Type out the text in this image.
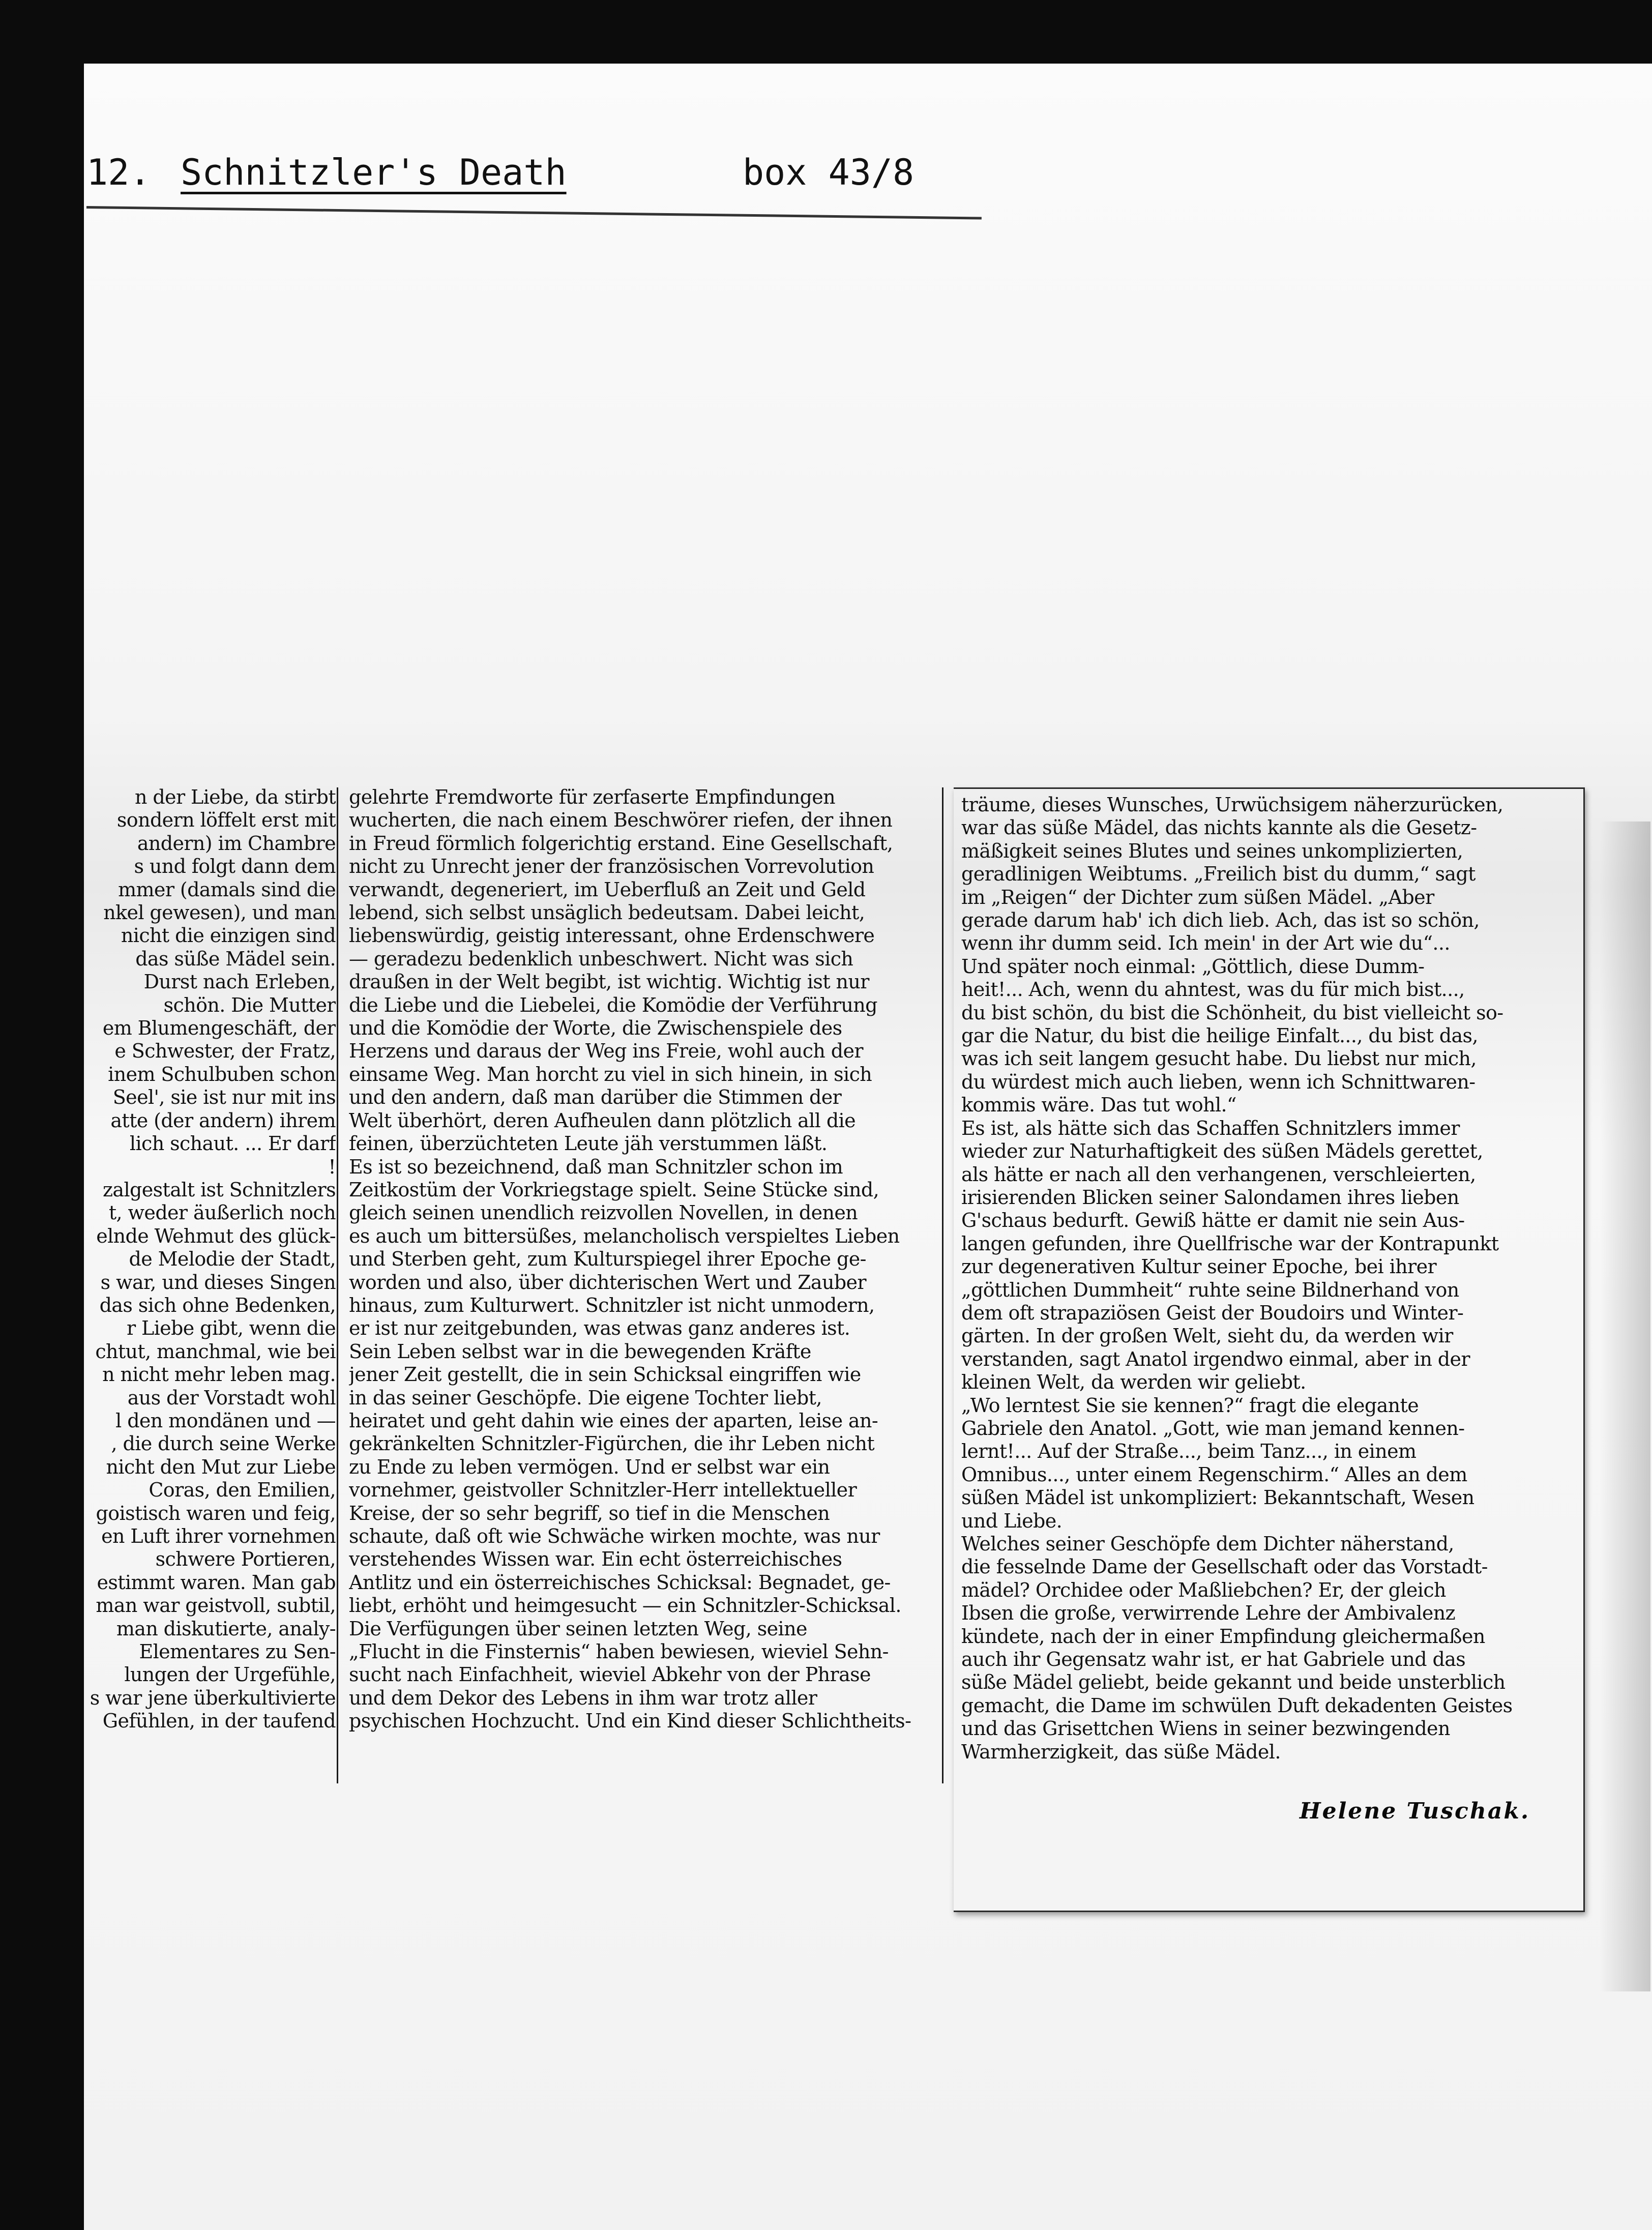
12. Schnitzler's Death	box 43/8
n der Liebe, da stirbt
sondern löffelt erst mit
andern) im Chambre
s und folgt dann dem
mmer (damals sind die
nkel gewesen), und man
nicht die einzigen sind
das süße Mädel sein.
Durst nach Erleben,
schön. Die Mutter
em Blumengeschäft, der
e Schwester, der Fratz,
inem Schulbuben schon
Seel', sie ist nur mit ins
atte (der andern) ihrem
lich schaut. ... Er darf
!
zalgestalt ist Schnitzlers
t, weder äußerlich noch
elnde Wehmut des glück-
de Melodie der Stadt,
s war, und dieses Singen
das sich ohne Bedenken,
r Liebe gibt, wenn die
chtut, manchmal, wie bei
n nicht mehr leben mag.
aus der Vorstadt wohl
l den mondänen und —
, die durch seine Werke
nicht den Mut zur Liebe
Coras, den Emilien,
goistisch waren und feig,
en Luft ihrer vornehmen
schwere Portieren,
estimmt waren. Man gab
man war geistvoll, subtil,
man diskutierte, analy-
Elementares zu Sen-
lungen der Urgefühle,
s war jene überkultivierte
Gefühlen, in der taufend
gelehrte Fremdworte für zerfaserte Empfindungen
wucherten, die nach einem Beschwörer riefen, der ihnen
in Freud förmlich folgerichtig erstand. Eine Gesellschaft,
nicht zu Unrecht jener der französischen Vorrevolution
verwandt, degeneriert, im Ueberfluß an Zeit und Geld
lebend, sich selbst unsäglich bedeutsam. Dabei leicht,
liebenswürdig, geistig interessant, ohne Erdenschwere
— geradezu bedenklich unbeschwert. Nicht was sich
draußen in der Welt begibt, ist wichtig. Wichtig ist nur
die Liebe und die Liebelei, die Komödie der Verführung
und die Komödie der Worte, die Zwischenspiele des
Herzens und daraus der Weg ins Freie, wohl auch der
einsame Weg. Man horcht zu viel in sich hinein, in sich
und den andern, daß man darüber die Stimmen der
Welt überhört, deren Aufheulen dann plötzlich all die
feinen, überzüchteten Leute jäh verstummen läßt.
Es ist so bezeichnend, daß man Schnitzler schon im
Zeitkostüm der Vorkriegstage spielt. Seine Stücke sind,
gleich seinen unendlich reizvollen Novellen, in denen
es auch um bittersüßes, melancholisch verspieltes Lieben
und Sterben geht, zum Kulturspiegel ihrer Epoche ge-
worden und also, über dichterischen Wert und Zauber
hinaus, zum Kulturwert. Schnitzler ist nicht unmodern,
er ist nur zeitgebunden, was etwas ganz anderes ist.
Sein Leben selbst war in die bewegenden Kräfte
jener Zeit gestellt, die in sein Schicksal eingriffen wie
in das seiner Geschöpfe. Die eigene Tochter liebt,
heiratet und geht dahin wie eines der aparten, leise an-
gekränkelten Schnitzler-Figürchen, die ihr Leben nicht
zu Ende zu leben vermögen. Und er selbst war ein
vornehmer, geistvoller Schnitzler-Herr intellektueller
Kreise, der so sehr begriff, so tief in die Menschen
schaute, daß oft wie Schwäche wirken mochte, was nur
verstehendes Wissen war. Ein echt österreichisches
Antlitz und ein österreichisches Schicksal: Begnadet, ge-
liebt, erhöht und heimgesucht — ein Schnitzler-Schicksal.
Die Verfügungen über seinen letzten Weg, seine
„Flucht in die Finsternis“ haben bewiesen, wieviel Sehn-
sucht nach Einfachheit, wieviel Abkehr von der Phrase
und dem Dekor des Lebens in ihm war trotz aller
psychischen Hochzucht. Und ein Kind dieser Schlichtheits-
träume, dieses Wunsches, Urwüchsigem näherzurücken,
war das süße Mädel, das nichts kannte als die Gesetz-
mäßigkeit seines Blutes und seines unkomplizierten,
geradlinigen Weibtums. „Freilich bist du dumm,“ sagt
im „Reigen“ der Dichter zum süßen Mädel. „Aber
gerade darum hab' ich dich lieb. Ach, das ist so schön,
wenn ihr dumm seid. Ich mein' in der Art wie du“...
Und später noch einmal: „Göttlich, diese Dumm-
heit!... Ach, wenn du ahntest, was du für mich bist...,
du bist schön, du bist die Schönheit, du bist vielleicht so-
gar die Natur, du bist die heilige Einfalt..., du bist das,
was ich seit langem gesucht habe. Du liebst nur mich,
du würdest mich auch lieben, wenn ich Schnittwaren-
kommis wäre. Das tut wohl.“
Es ist, als hätte sich das Schaffen Schnitzlers immer
wieder zur Naturhaftigkeit des süßen Mädels gerettet,
als hätte er nach all den verhangenen, verschleierten,
irisierenden Blicken seiner Salondamen ihres lieben
G'schaus bedurft. Gewiß hätte er damit nie sein Aus-
langen gefunden, ihre Quellfrische war der Kontrapunkt
zur degenerativen Kultur seiner Epoche, bei ihrer
„göttlichen Dummheit“ ruhte seine Bildnerhand von
dem oft strapaziösen Geist der Boudoirs und Winter-
gärten. In der großen Welt, sieht du, da werden wir
verstanden, sagt Anatol irgendwo einmal, aber in der
kleinen Welt, da werden wir geliebt.
„Wo lerntest Sie sie kennen?“ fragt die elegante
Gabriele den Anatol. „Gott, wie man jemand kennen-
lernt!... Auf der Straße..., beim Tanz..., in einem
Omnibus..., unter einem Regenschirm.“ Alles an dem
süßen Mädel ist unkompliziert: Bekanntschaft, Wesen
und Liebe.
Welches seiner Geschöpfe dem Dichter näherstand,
die fesselnde Dame der Gesellschaft oder das Vorstadt-
mädel? Orchidee oder Maßliebchen? Er, der gleich
Ibsen die große, verwirrende Lehre der Ambivalenz
kündete, nach der in einer Empfindung gleichermaßen
auch ihr Gegensatz wahr ist, er hat Gabriele und das
süße Mädel geliebt, beide gekannt und beide unsterblich
gemacht, die Dame im schwülen Duft dekadenten Geistes
und das Grisettchen Wiens in seiner bezwingenden
Warmherzigkeit, das süße Mädel.
Helene Tuschak.
